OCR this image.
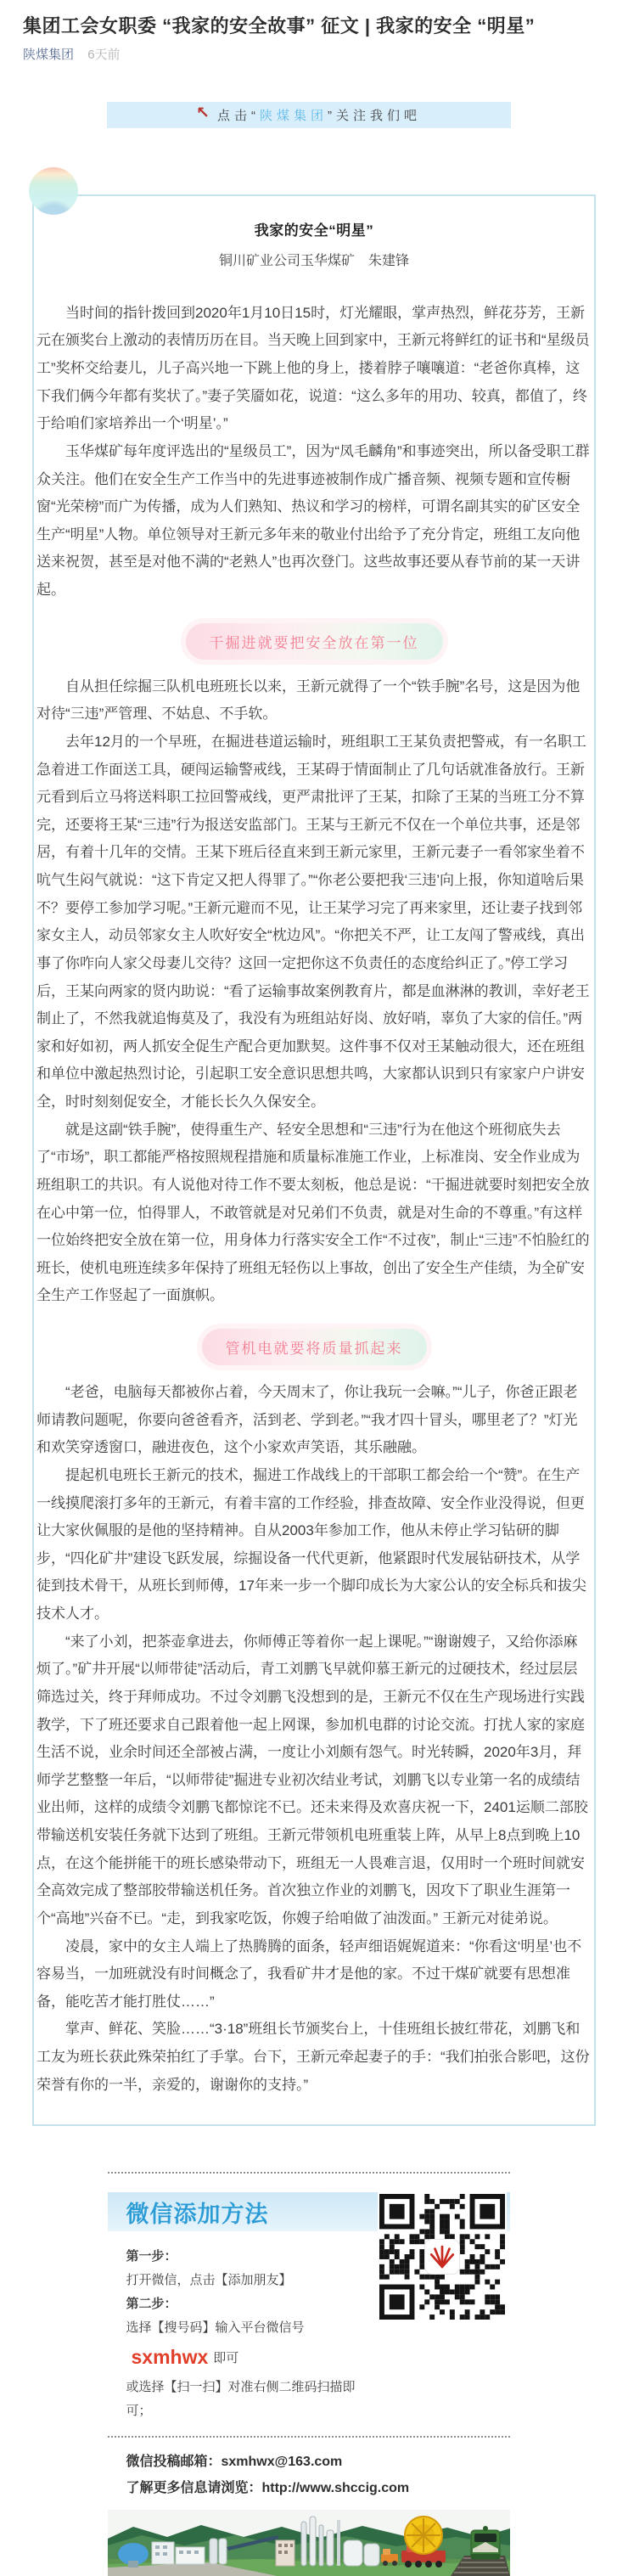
集团工会女职委 “我家的安全故事” 征文 | 我家的安全 “明星”
陕煤集团 6天前
↖ 点击“ 陕煤集团 ”关注我们吧
我家的安全“明星”
铜川矿业公司玉华煤矿　朱建锋

当时间的指针拨回到2020年1月10日15时，灯光耀眼，掌声热烈，鲜花芬芳，王新元在颁奖台上激动的表情历历在目。当天晚上回到家中，王新元将鲜红的证书和“星级员工”奖杯交给妻儿，儿子高兴地一下跳上他的身上，搂着脖子嚷嚷道：“老爸你真棒，这下我们俩今年都有奖状了。”妻子笑靥如花，说道：“这么多年的用功、较真，都值了，终于给咱们家培养出一个‘明星’。”

玉华煤矿每年度评选出的“星级员工”，因为“凤毛麟角”和事迹突出，所以备受职工群众关注。他们在安全生产工作当中的先进事迹被制作成广播音频、视频专题和宣传橱窗“光荣榜”而广为传播，成为人们熟知、热议和学习的榜样，可谓名副其实的矿区安全生产“明星”人物。单位领导对王新元多年来的敬业付出给予了充分肯定，班组工友向他送来祝贺，甚至是对他不满的“老熟人”也再次登门。这些故事还要从春节前的某一天讲起。

干掘进就要把安全放在第一位

自从担任综掘三队机电班班长以来，王新元就得了一个“铁手腕”名号，这是因为他对待“三违”严管理、不姑息、不手软。

去年12月的一个早班，在掘进巷道运输时，班组职工王某负责把警戒，有一名职工急着进工作面送工具，硬闯运输警戒线，王某碍于情面制止了几句话就准备放行。王新元看到后立马将送料职工拉回警戒线，更严肃批评了王某，扣除了王某的当班工分不算完，还要将王某“三违”行为报送安监部门。王某与王新元不仅在一个单位共事，还是邻居，有着十几年的交情。王某下班后径直来到王新元家里，王新元妻子一看邻家坐着不吭气生闷气就说：“这下肯定又把人得罪了。”“你老公要把我‘三违’向上报，你知道啥后果不？要停工参加学习呢。”王新元避而不见，让王某学习完了再来家里，还让妻子找到邻家女主人，动员邻家女主人吹好安全“枕边风”。“你把关不严，让工友闯了警戒线，真出事了你咋向人家父母妻儿交待？这回一定把你这不负责任的态度给纠正了。”停工学习后，王某向两家的贤内助说：“看了运输事故案例教育片，都是血淋淋的教训，幸好老王制止了，不然我就追悔莫及了，我没有为班组站好岗、放好哨，辜负了大家的信任。”两家和好如初，两人抓安全促生产配合更加默契。这件事不仅对王某触动很大，还在班组和单位中激起热烈讨论，引起职工安全意识思想共鸣，大家都认识到只有家家户户讲安全，时时刻刻促安全，才能长长久久保安全。

就是这副“铁手腕”，使得重生产、轻安全思想和“三违”行为在他这个班彻底失去了“市场”，职工都能严格按照规程措施和质量标准施工作业，上标准岗、安全作业成为班组职工的共识。有人说他对待工作不要太刻板，他总是说：“干掘进就要时刻把安全放在心中第一位，怕得罪人，不敢管就是对兄弟们不负责，就是对生命的不尊重。”有这样一位始终把安全放在第一位，用身体力行落实安全工作“不过夜”，制止“三违”不怕脸红的班长，使机电班连续多年保持了班组无轻伤以上事故，创出了安全生产佳绩，为全矿安全生产工作竖起了一面旗帜。

管机电就要将质量抓起来

“老爸，电脑每天都被你占着，今天周末了，你让我玩一会嘛。”“儿子，你爸正跟老师请教问题呢，你要向爸爸看齐，活到老、学到老。”“我才四十冒头，哪里老了？”灯光和欢笑穿透窗口，融进夜色，这个小家欢声笑语，其乐融融。

提起机电班长王新元的技术，掘进工作战线上的干部职工都会给一个“赞”。在生产一线摸爬滚打多年的王新元，有着丰富的工作经验，排查故障、安全作业没得说，但更让大家伙佩服的是他的坚持精神。自从2003年参加工作，他从未停止学习钻研的脚步，“四化矿井”建设飞跃发展，综掘设备一代代更新，他紧跟时代发展钻研技术，从学徒到技术骨干，从班长到师傅，17年来一步一个脚印成长为大家公认的安全标兵和拔尖技术人才。

“来了小刘，把茶壶拿进去，你师傅正等着你一起上课呢。”“谢谢嫂子，又给你添麻烦了。”矿井开展“以师带徒”活动后，青工刘鹏飞早就仰慕王新元的过硬技术，经过层层筛选过关，终于拜师成功。不过令刘鹏飞没想到的是，王新元不仅在生产现场进行实践教学，下了班还要求自己跟着他一起上网课，参加机电群的讨论交流。打扰人家的家庭生活不说，业余时间还全部被占满，一度让小刘颇有怨气。时光转瞬，2020年3月，拜师学艺整整一年后，“以师带徒”掘进专业初次结业考试，刘鹏飞以专业第一名的成绩结业出师，这样的成绩令刘鹏飞都惊诧不已。还未来得及欢喜庆祝一下，2401运顺二部胶带输送机安装任务就下达到了班组。王新元带领机电班重装上阵，从早上8点到晚上10点，在这个能拼能干的班长感染带动下，班组无一人畏难言退，仅用时一个班时间就安全高效完成了整部胶带输送机任务。首次独立作业的刘鹏飞，因攻下了职业生涯第一个“高地”兴奋不已。“走，到我家吃饭，你嫂子给咱做了油泼面。” 王新元对徒弟说。

凌晨，家中的女主人端上了热腾腾的面条，轻声细语娓娓道来：“你看这‘明星’也不容易当，一加班就没有时间概念了，我看矿井才是他的家。不过干煤矿就要有思想准备，能吃苦才能打胜仗……”

掌声、鲜花、笑脸……“3·18”班组长节颁奖台上，十佳班组长披红带花，刘鹏飞和工友为班长获此殊荣拍红了手掌。台下，王新元牵起妻子的手：“我们拍张合影吧，这份荣誉有你的一半，亲爱的，谢谢你的支持。”

微信添加方法
第一步：
打开微信，点击【添加朋友】
第二步：
选择【搜号码】输入平台微信号sxmhwx 即可
或选择【扫一扫】对准右侧二维码扫描即可；
微信投稿邮箱：sxmhwx@163.com
了解更多信息请浏览：http://www.shccig.com
